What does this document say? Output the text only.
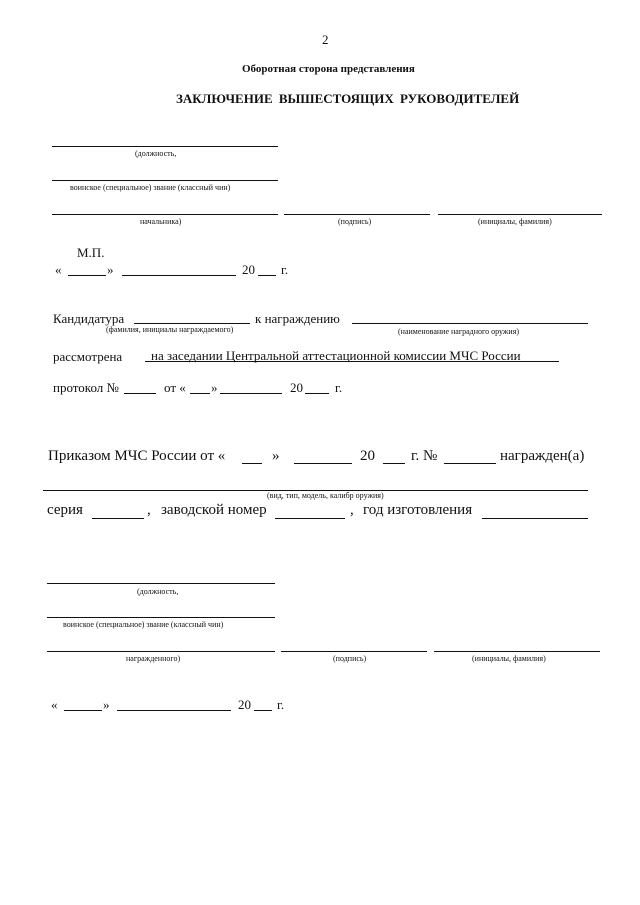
2
Оборотная сторона представления
ЗАКЛЮЧЕНИЕ ВЫШЕСТОЯЩИХ РУКОВОДИТЕЛЕЙ
(должность,
воинское (специальное) звание (классный чин)
начальника)	(подпись)	(инициалы, фамилия)
М.П.
«	»	20 г.
Кандидатура
(фамилия, инициалы награждаемого)
к награждению
(наименование наградного оружия)
рассмотрена на заседании Центральной аттестационной комиссии МЧС России
протокол №	от « »	20 г.
Приказом МЧС России от «	»	20 г. №	награжден(а)
(вид, тип, модель, калибр оружия)
серия	, заводской номер	, год изготовления
(должность,
воинское (специальное) звание (классный чин)
награжденного)	(подпись)	(инициалы, фамилия)
«	»	20 г.
